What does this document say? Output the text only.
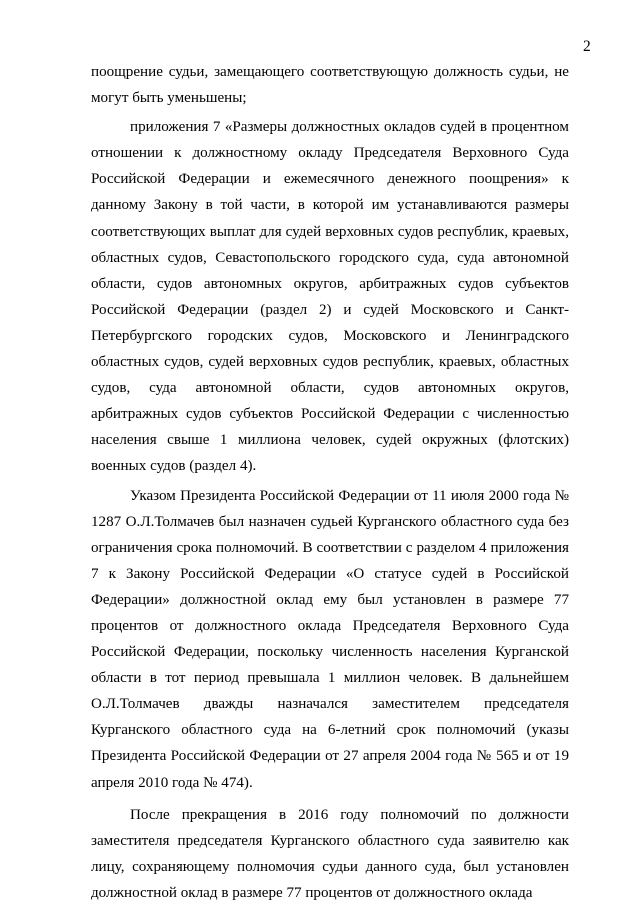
2

поощрение судьи, замещающего соответствующую должность судьи, не могут быть уменьшены;

приложения 7 «Размеры должностных окладов судей в процентном отношении к должностному окладу Председателя Верховного Суда Российской Федерации и ежемесячного денежного поощрения» к данному Закону в той части, в которой им устанавливаются размеры соответствующих выплат для судей верховных судов республик, краевых, областных судов, Севастопольского городского суда, суда автономной области, судов автономных округов, арбитражных судов субъектов Российской Федерации (раздел 2) и судей Московского и Санкт-Петербургского городских судов, Московского и Ленинградского областных судов, судей верховных судов республик, краевых, областных судов, суда автономной области, судов автономных округов, арбитражных судов субъектов Российской Федерации с численностью населения свыше 1 миллиона человек, судей окружных (флотских) военных судов (раздел 4).

Указом Президента Российской Федерации от 11 июля 2000 года № 1287 О.Л.Толмачев был назначен судьей Курганского областного суда без ограничения срока полномочий. В соответствии с разделом 4 приложения 7 к Закону Российской Федерации «О статусе судей в Российской Федерации» должностной оклад ему был установлен в размере 77 процентов от должностного оклада Председателя Верховного Суда Российской Федерации, поскольку численность населения Курганской области в тот период превышала 1 миллион человек. В дальнейшем О.Л.Толмачев дважды назначался заместителем председателя Курганского областного суда на 6-летний срок полномочий (указы Президента Российской Федерации от 27 апреля 2004 года № 565 и от 19 апреля 2010 года № 474).

После прекращения в 2016 году полномочий по должности заместителя председателя Курганского областного суда заявителю как лицу, сохраняющему полномочия судьи данного суда, был установлен должностной оклад в размере 77 процентов от должностного оклада
